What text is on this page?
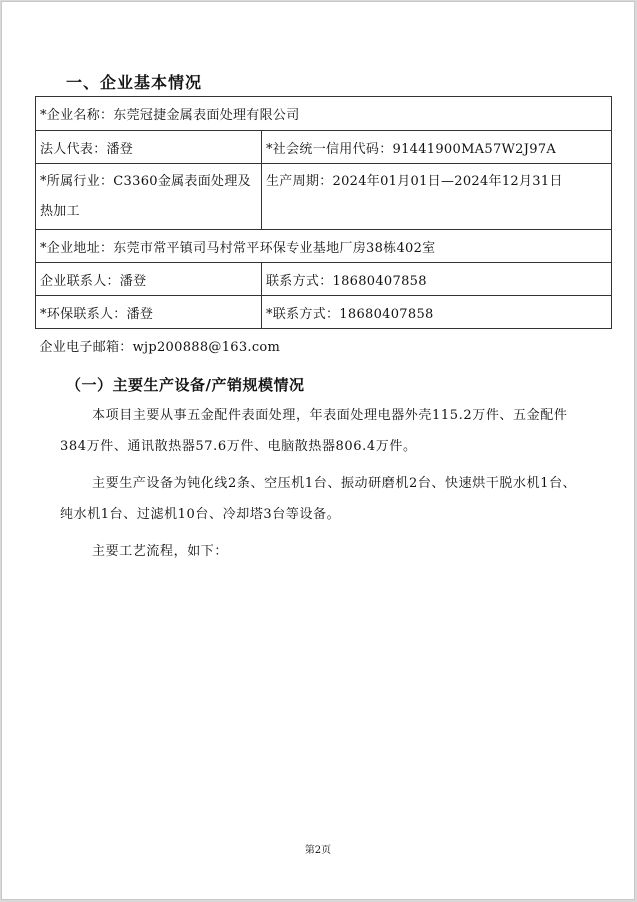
一、企业基本情况
*企业名称：东莞冠捷金属表面处理有限公司	
法人代表：潘登	*社会统一信用代码：91441900MA57W2J97A
*所属行业：C3360金属表面处理及热加工	生产周期：2024年01月01日—2024年12月31日
*企业地址：东莞市常平镇司马村常平环保专业基地厂房38栋402室	
企业联系人：潘登	联系方式：18680407858
*环保联系人：潘登	*联系方式：18680407858
企业电子邮箱：wjp200888@163.com	
（一）主要生产设备/产销规模情况

本项目主要从事五金配件表面处理，年表面处理电器外壳115.2万件、五金配件384万件、通讯散热器57.6万件、电脑散热器806.4万件。

主要生产设备为钝化线2条、空压机1台、振动研磨机2台、快速烘干脱水机1台、纯水机1台、过滤机10台、冷却塔3台等设备。

主要工艺流程，如下：

第2页
